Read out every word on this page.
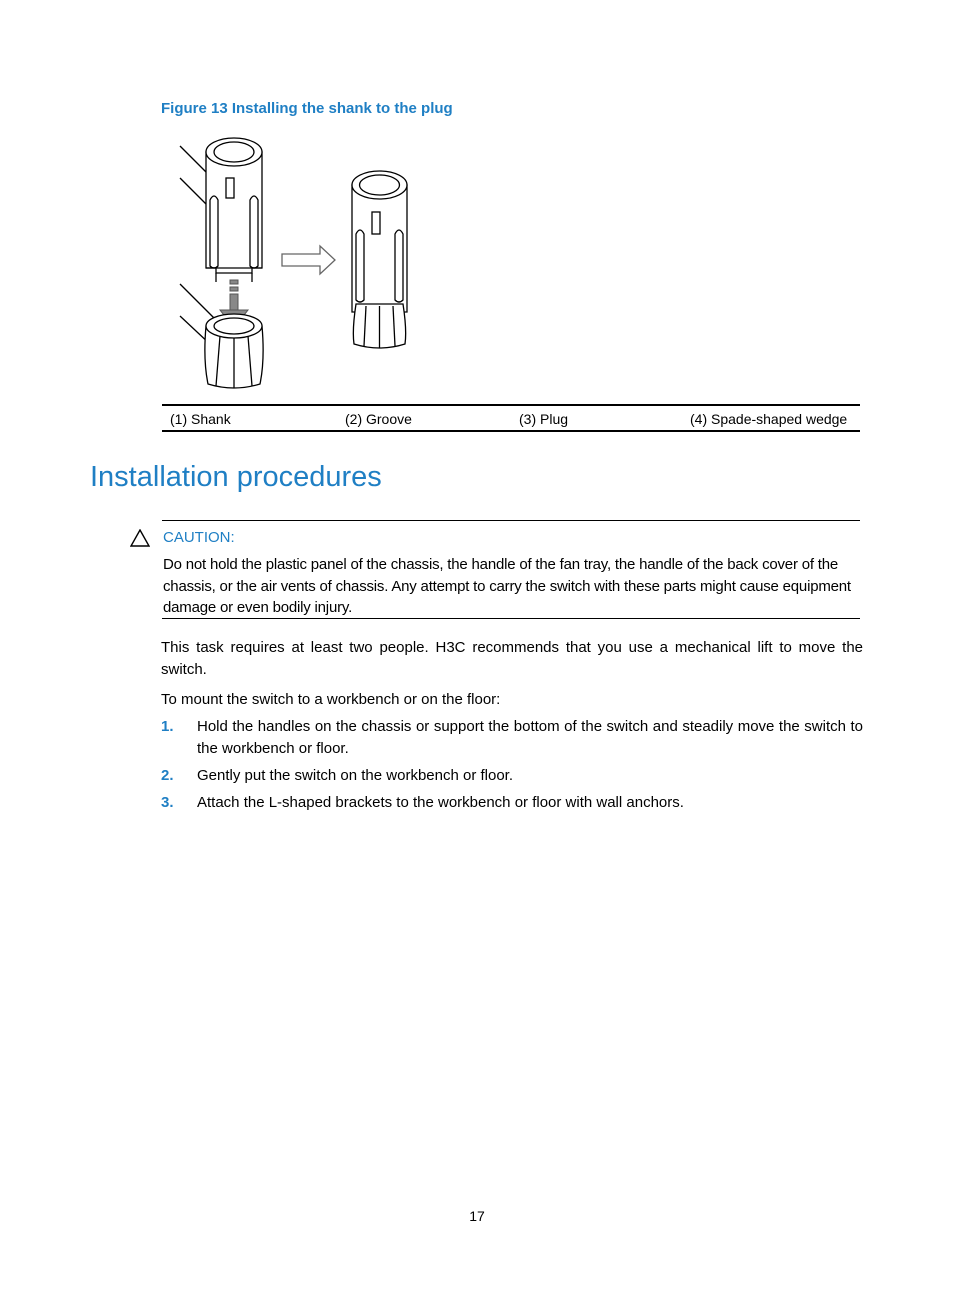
Figure 13 Installing the shank to the plug
(1) Shank	(2) Groove	(3) Plug	(4) Spade-shaped wedge
Installation procedures
CAUTION:
Do not hold the plastic panel of the chassis, the handle of the fan tray, the handle of the back cover of the chassis, or the air vents of chassis. Any attempt to carry the switch with these parts might cause equipment damage or even bodily injury.

This task requires at least two people. H3C recommends that you use a mechanical lift to move the switch.

To mount the switch to a workbench or on the floor:

1. Hold the handles on the chassis or support the bottom of the switch and steadily move the switch to the workbench or floor.
2. Gently put the switch on the workbench or floor.
3. Attach the L-shaped brackets to the workbench or floor with wall anchors.
17
